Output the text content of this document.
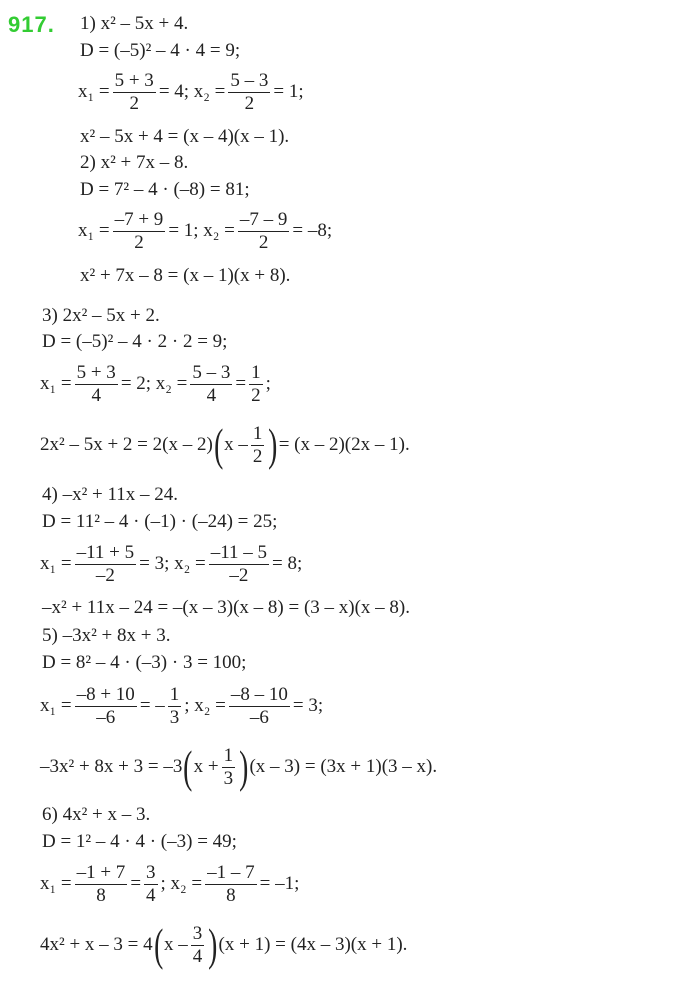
917. 1) x² – 5x + 4.
D = (–5)² – 4 · 4 = 9;
$x_1 = \frac{5 + 3}{2} = 4$; $x_2 = \frac{5 - 3}{2} = 1$;
x² – 5x + 4 = (x – 4)(x – 1).
2) x² + 7x – 8.
D = 7² – 4 · (–8) = 81;
$x_1 = \frac{-7 + 9}{2} = 1$; $x_2 = \frac{-7 - 9}{2} = -8$;
x² + 7x – 8 = (x – 1)(x + 8).
3) 2x² – 5x + 2.
D = (–5)² – 4 · 2 · 2 = 9;
$x_1 = \frac{5 + 3}{4} = 2$; $x_2 = \frac{5 - 3}{4} = \frac{1}{2}$ ;
2x² – 5x + 2 = 2(x – 2) ( x – $\frac{1}{2}$ ) = (x – 2)(2x – 1).
4) –x² + 11x – 24.
D = 11² – 4 · (–1) · (–24) = 25;
$x_1 = \frac{-11 + 5}{-2} = 3$; $x_2 = \frac{-11 - 5}{-2} = 8$;
–x² + 11x – 24 = –(x – 3)(x – 8) = (3 – x)(x – 8).
5) –3x² + 8x + 3.
D = 8² – 4 · (–3) · 3 = 100;
$x_1 = \frac{-8 + 10}{-6}$ = – $\frac{1}{3}$ ; $x_2 = \frac{-8 - 10}{-6} = 3$;
–3x² + 8x + 3 = –3 ( $x + \frac{1}{3}$ ) (x – 3) = (3x + 1)(3 – x).
6) 4x² + x – 3.
D = 1² – 4 · 4 · (–3) = 49;
$x_1 = \frac{-1 + 7}{8} = \frac{3}{4}$ ; $x_2 = \frac{-1 - 7}{8} = -1$;
4x² + x – 3 = 4 ( x – $\frac{3}{4}$ ) (x + 1) = (4x – 3)(x + 1).
